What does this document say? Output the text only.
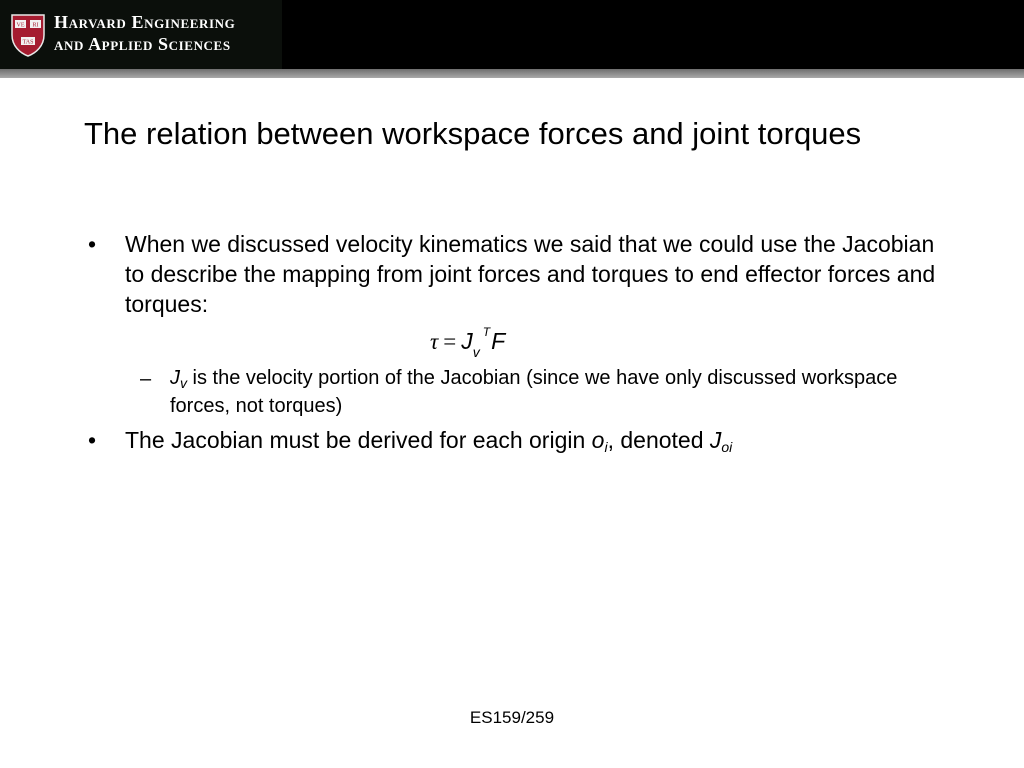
VE RI
TAS
Harvard Engineering
and Applied Sciences
The relation between workspace forces and joint torques
• When we discussed velocity kinematics we said that we could use the Jacobian to describe the mapping from joint forces and torques to end effector forces and torques:
$\tau = J_v^TF$
– $J_v$ is the velocity portion of the Jacobian (since we have only discussed workspace forces, not torques)
• The Jacobian must be derived for each origin oi, denoted Joi
ES159/259
